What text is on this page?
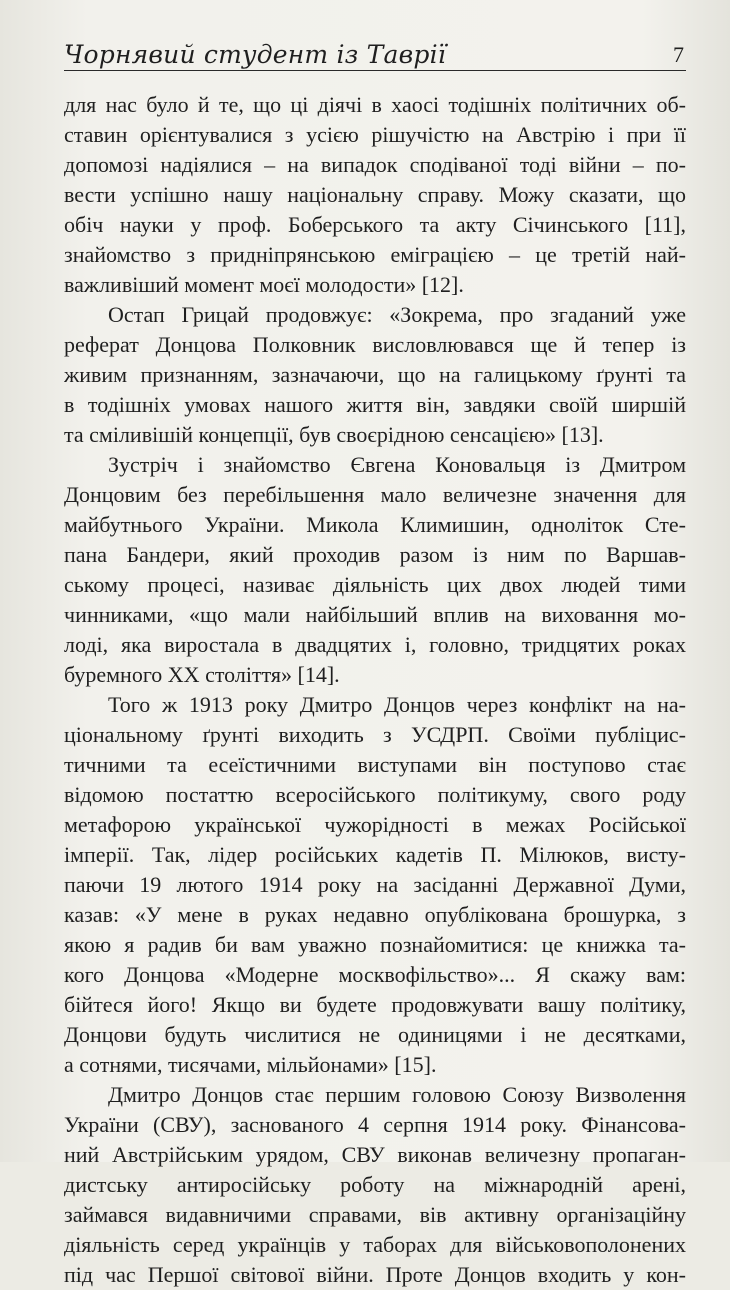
Чорнявий студент із Таврії	7
для нас було й те, що ці діячі в хаосі тодішніх політичних об-
ставин орієнтувалися з усією рішучістю на Австрію і при її
допомозі надіялися – на випадок сподіваної тоді війни – по-
вести успішно нашу національну справу. Можу сказати, що
обіч науки у проф. Боберського та акту Січинського [11],
знайомство з придніпрянською еміграцією – це третій най-
важливіший момент моєї молодости» [12].
Остап Грицай продовжує: «Зокрема, про згаданий уже
реферат Донцова Полковник висловлювався ще й тепер із
живим признанням, зазначаючи, що на галицькому ґрунті та
в тодішніх умовах нашого життя він, завдяки своїй ширшій
та сміливішій концепції, був своєрідною сенсацією» [13].
Зустріч і знайомство Євгена Коновальця із Дмитром
Донцовим без перебільшення мало величезне значення для
майбутнього України. Микола Климишин, одноліток Сте-
пана Бандери, який проходив разом із ним по Варшав-
ському процесі, називає діяльність цих двох людей тими
чинниками, «що мали найбільший вплив на виховання мо-
лоді, яка виростала в двадцятих і, головно, тридцятих роках
буремного ХХ століття» [14].
Того ж 1913 року Дмитро Донцов через конфлікт на на-
ціональному ґрунті виходить з УСДРП. Своїми публіцис-
тичними та есеїстичними виступами він поступово стає
відомою постаттю всеросійського політикуму, свого роду
метафорою української чужорідності в межах Російської
імперії. Так, лідер російських кадетів П. Мілюков, висту-
паючи 19 лютого 1914 року на засіданні Державної Думи,
казав: «У мене в руках недавно опублікована брошурка, з
якою я радив би вам уважно познайомитися: це книжка та-
кого Донцова «Модерне москвофільство»... Я скажу вам:
бійтеся його! Якщо ви будете продовжувати вашу політику,
Донцови будуть числитися не одиницями і не десятками,
а сотнями, тисячами, мільйонами» [15].
Дмитро Донцов стає першим головою Союзу Визволення
України (СВУ), заснованого 4 серпня 1914 року. Фінансова-
ний Австрійським урядом, СВУ виконав величезну пропаган-
дистську антиросійську роботу на міжнародній арені,
займався видавничими справами, вів активну організаційну
діяльність серед українців у таборах для військовополонених
під час Першої світової війни. Проте Донцов входить у кон-
